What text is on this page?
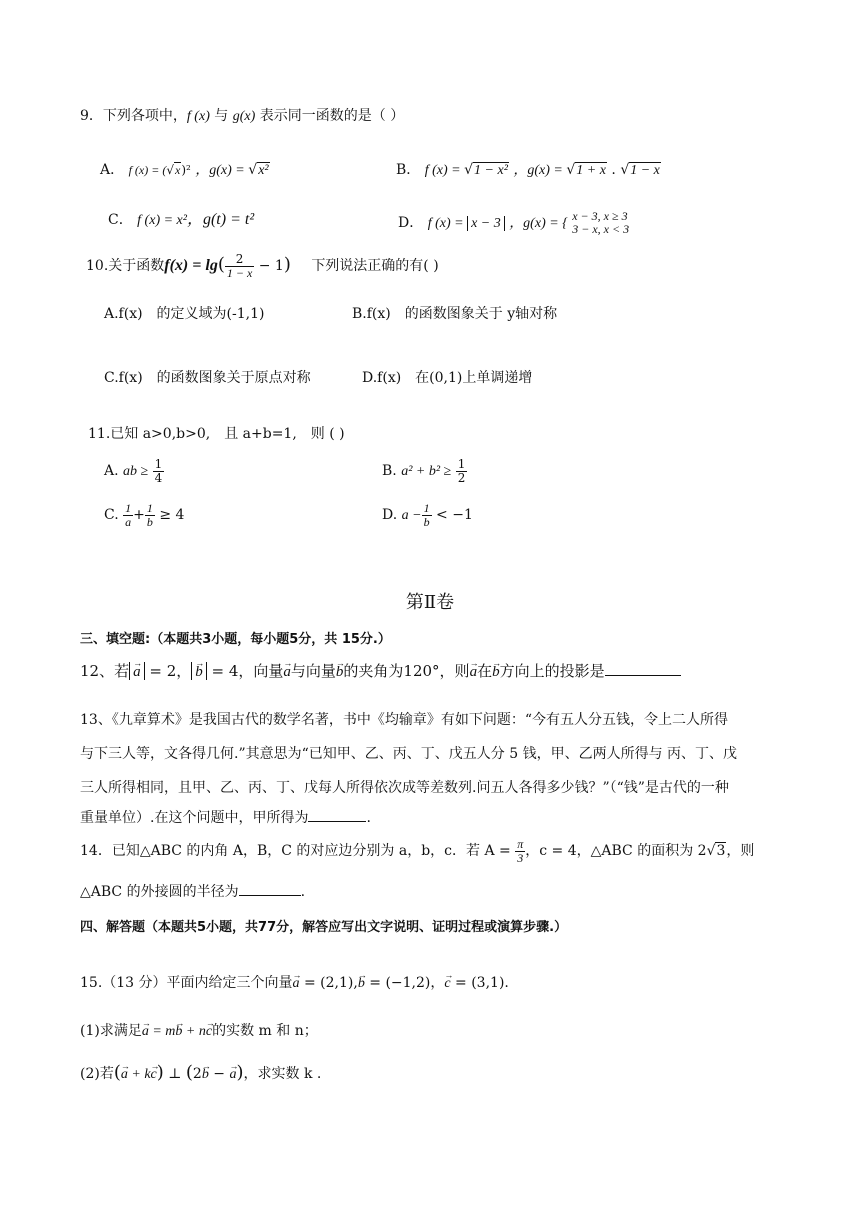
9．下列各项中，f (x) 与 g(x) 表示同一函数的是（ ）
A． f (x) = (√x)² ，g(x) = √x²	B． f (x) = √1 − x² ，g(x) = √1 + x . √1 − x
C． f (x) = x²，g(t) = t²	D． f (x) = x − 3 ，g(x) = { x − 3, x ≥ 3
3 − x, x < 3
10.关于函数$f(x) = \lg( \frac{2}{1 - x} - 1)$ 下列说法正确的有( )
A.f(x)　的定义域为(-1,1)	B.f(x)　的函数图象关于 y轴对称
C.f(x)　的函数图象关于原点对称	D.f(x)　在(0,1)上单调递增
11.已知 a>0,b>0,　且 a+b=1,　则 ( )
A. ab ≥ $\frac{1}{4}$	B. $a^2 + b^2 \ge \frac{1}{2}$
C. $\frac{1}{a} + \frac{1}{b} \ge 4$	D. $a - \frac{1}{b} < -1$
第Ⅱ卷
三、填空题:（本题共3小题，每小题5分，共 15分.）
12、若 → a = 2， → b = 4，向量→ a与向量→ b的夹角为120°，则→ a在→ b方向上的投影是
13、《九章算术》是我国古代的数学名著，书中《均输章》有如下问题：“今有五人分五钱，令上二人所得
与下三人等，文各得几何.”其意思为“已知甲、乙、丙、丁、戊五人分 5 钱，甲、乙两人所得与 丙、丁、戊
三人所得相同，且甲、乙、丙、丁、戊每人所得依次成等差数列.问五人各得多少钱？”（“钱”是古代的一种
重量单位）.在这个问题中，甲所得为	.
14．已知△ABC 的内角 A，B，C 的对应边分别为 a，b，c．若 $A = \frac{\pi}{3}$ ，c = 4，△ABC 的面积为 2√3，则
△ABC 的外接圆的半径为	.
四、解答题（本题共5小题，共77分，解答应写出文字说明、证明过程或演算步骤.）
15.（13 分）平面内给定三个向量→ a = (2,1),→ b = (−1,2)，→ c = (3,1).
(1)求满足→ a = m→ b + n→ c的实数 m 和 n；
(2)若(→ a + k→ c) ⊥ (2→ b − → a)，求实数 k .
